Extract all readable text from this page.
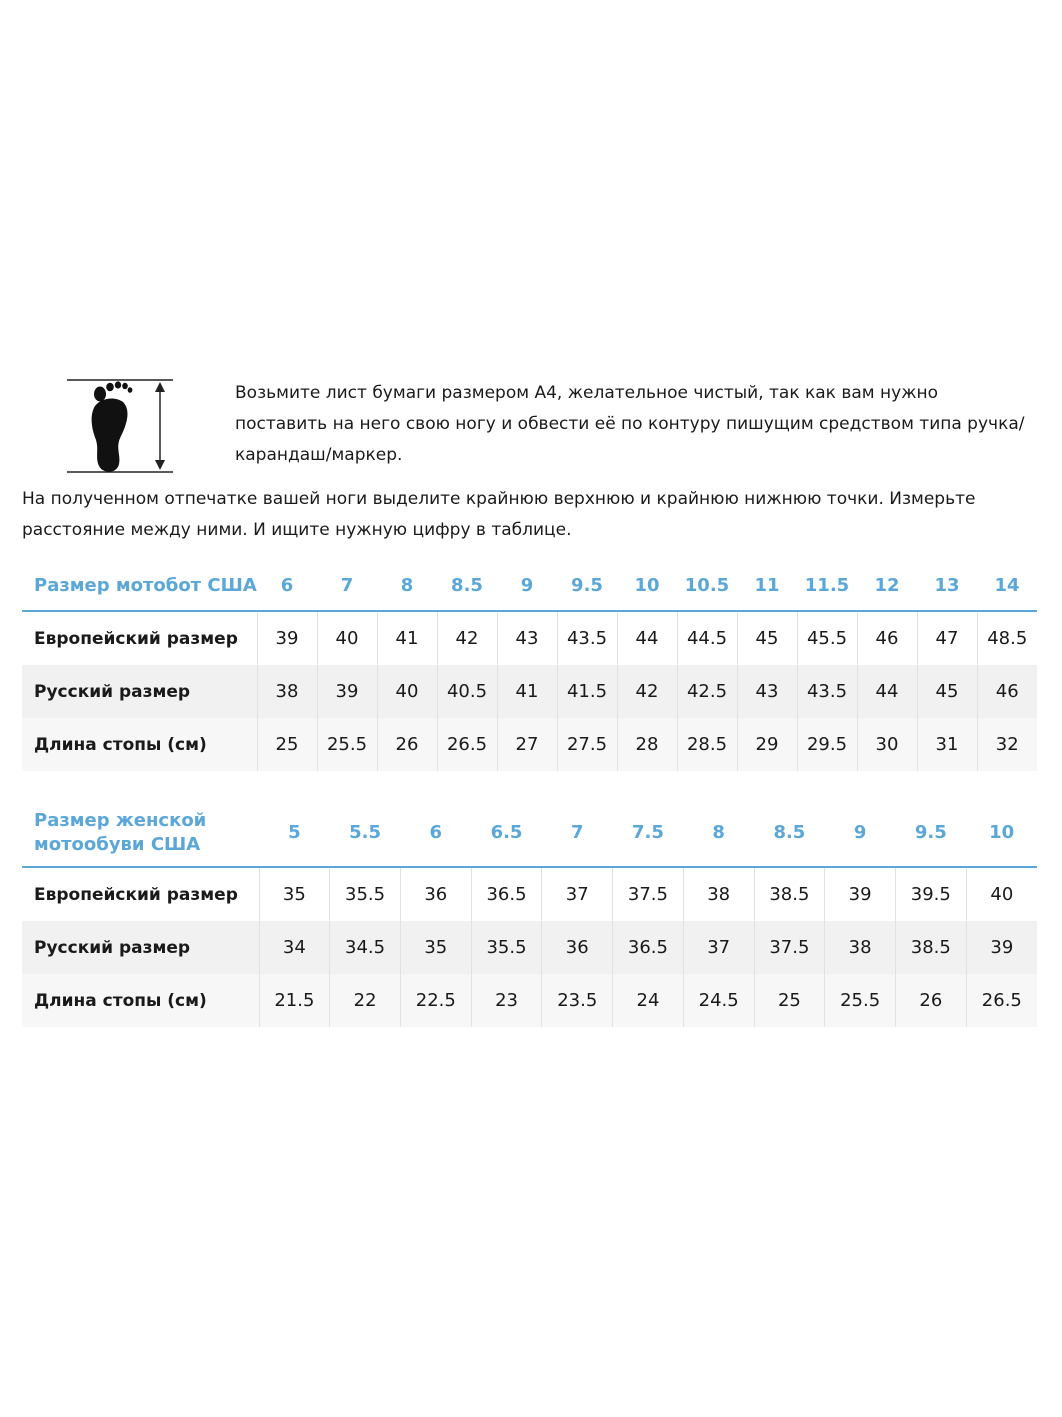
Возьмите лист бумаги размером А4, желательное чистый, так как вам нужно поставить на него свою ногу и обвести её по контуру пишущим средством типа ручка/карандаш/маркер.
На полученном отпечатке вашей ноги выделите крайнюю верхнюю и крайнюю нижнюю точки. Измерьте расстояние между ними. И ищите нужную цифру в таблице.
Размер мотобот США	6	7	8	8.5	9	9.5	10	10.5	11	11.5	12	13	14
Европейский размер	39	40	41	42	43	43.5	44	44.5	45	45.5	46	47	48.5
Русский размер	38	39	40	40.5	41	41.5	42	42.5	43	43.5	44	45	46
Длина стопы (см)	25	25.5	26	26.5	27	27.5	28	28.5	29	29.5	30	31	32
Размер женской мотообуви США	5	5.5	6	6.5	7	7.5	8	8.5	9	9.5	10
Европейский размер	35	35.5	36	36.5	37	37.5	38	38.5	39	39.5	40
Русский размер	34	34.5	35	35.5	36	36.5	37	37.5	38	38.5	39
Длина стопы (см)	21.5	22	22.5	23	23.5	24	24.5	25	25.5	26	26.5
